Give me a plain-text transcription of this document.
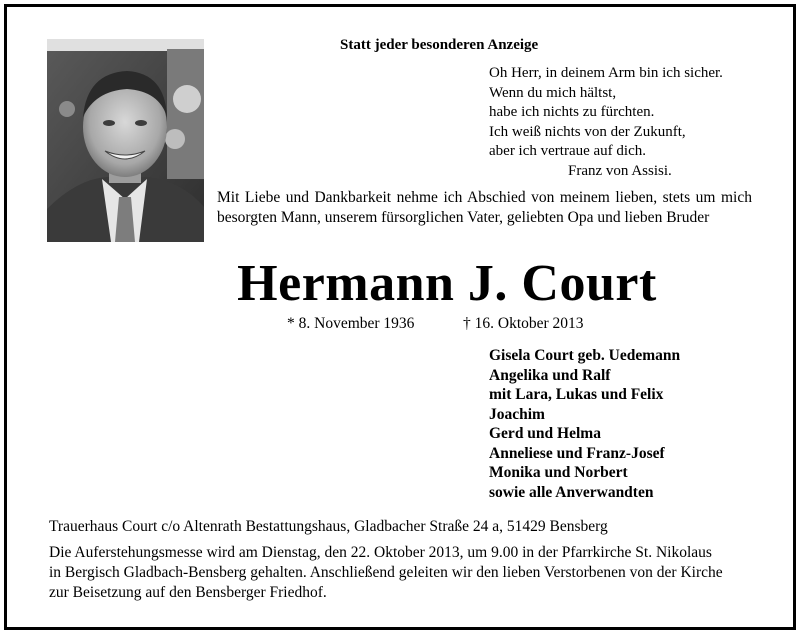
Statt jeder besonderen Anzeige
Oh Herr, in deinem Arm bin ich sicher.
Wenn du mich hältst,
habe ich nichts zu fürchten.
Ich weiß nichts von der Zukunft,
aber ich vertraue auf dich.
Franz von Assisi.
Mit Liebe und Dankbarkeit nehme ich Abschied von meinem lieben, stets um mich besorgten Mann, unserem fürsorglichen Vater, geliebten Opa und lieben Bruder
Hermann J. Court
* 8. November 1936	† 16. Oktober 2013
Gisela Court geb. Uedemann
Angelika und Ralf
mit Lara, Lukas und Felix
Joachim
Gerd und Helma
Anneliese und Franz-Josef
Monika und Norbert
sowie alle Anverwandten
Trauerhaus Court c/o Altenrath Bestattungshaus, Gladbacher Straße 24 a, 51429 Bensberg
Die Auferstehungsmesse wird am Dienstag, den 22. Oktober 2013, um 9.00 in der Pfarrkirche St. Nikolaus
in Bergisch Gladbach-Bensberg gehalten. Anschließend geleiten wir den lieben Verstorbenen von der Kirche
zur Beisetzung auf den Bensberger Friedhof.
